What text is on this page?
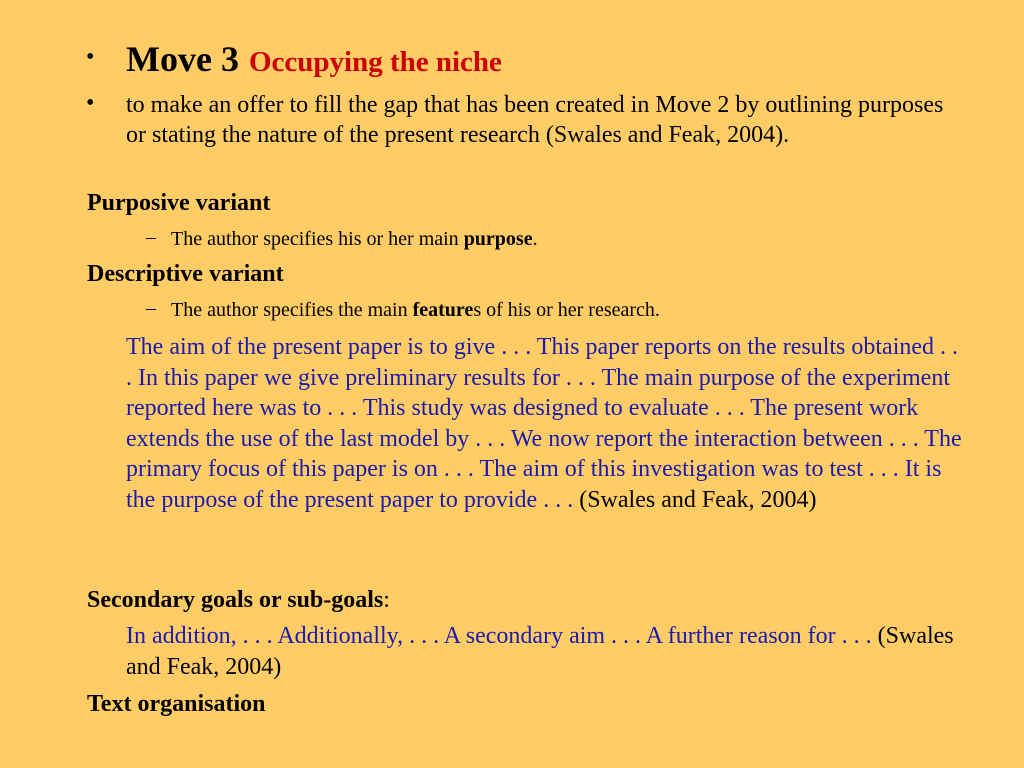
• Move 3 Occupying the niche
• to make an offer to fill the gap that has been created in Move 2 by outlining purposes or stating the nature of the present research (Swales and Feak, 2004).

Purposive variant
– The author specifies his or her main purpose.
Descriptive variant
– The author specifies the main features of his or her research.

The aim of the present paper is to give . . . This paper reports on the results obtained . . . In this paper we give preliminary results for . . . The main purpose of the experiment reported here was to . . . This study was designed to evaluate . . . The present work extends the use of the last model by . . . We now report the interaction between . . . The primary focus of this paper is on . . . The aim of this investigation was to test . . . It is the purpose of the present paper to provide . . . (Swales and Feak, 2004)

Secondary goals or sub-goals:

In addition, . . . Additionally, . . . A secondary aim . . . A further reason for . . . (Swales and Feak, 2004)

Text organisation
